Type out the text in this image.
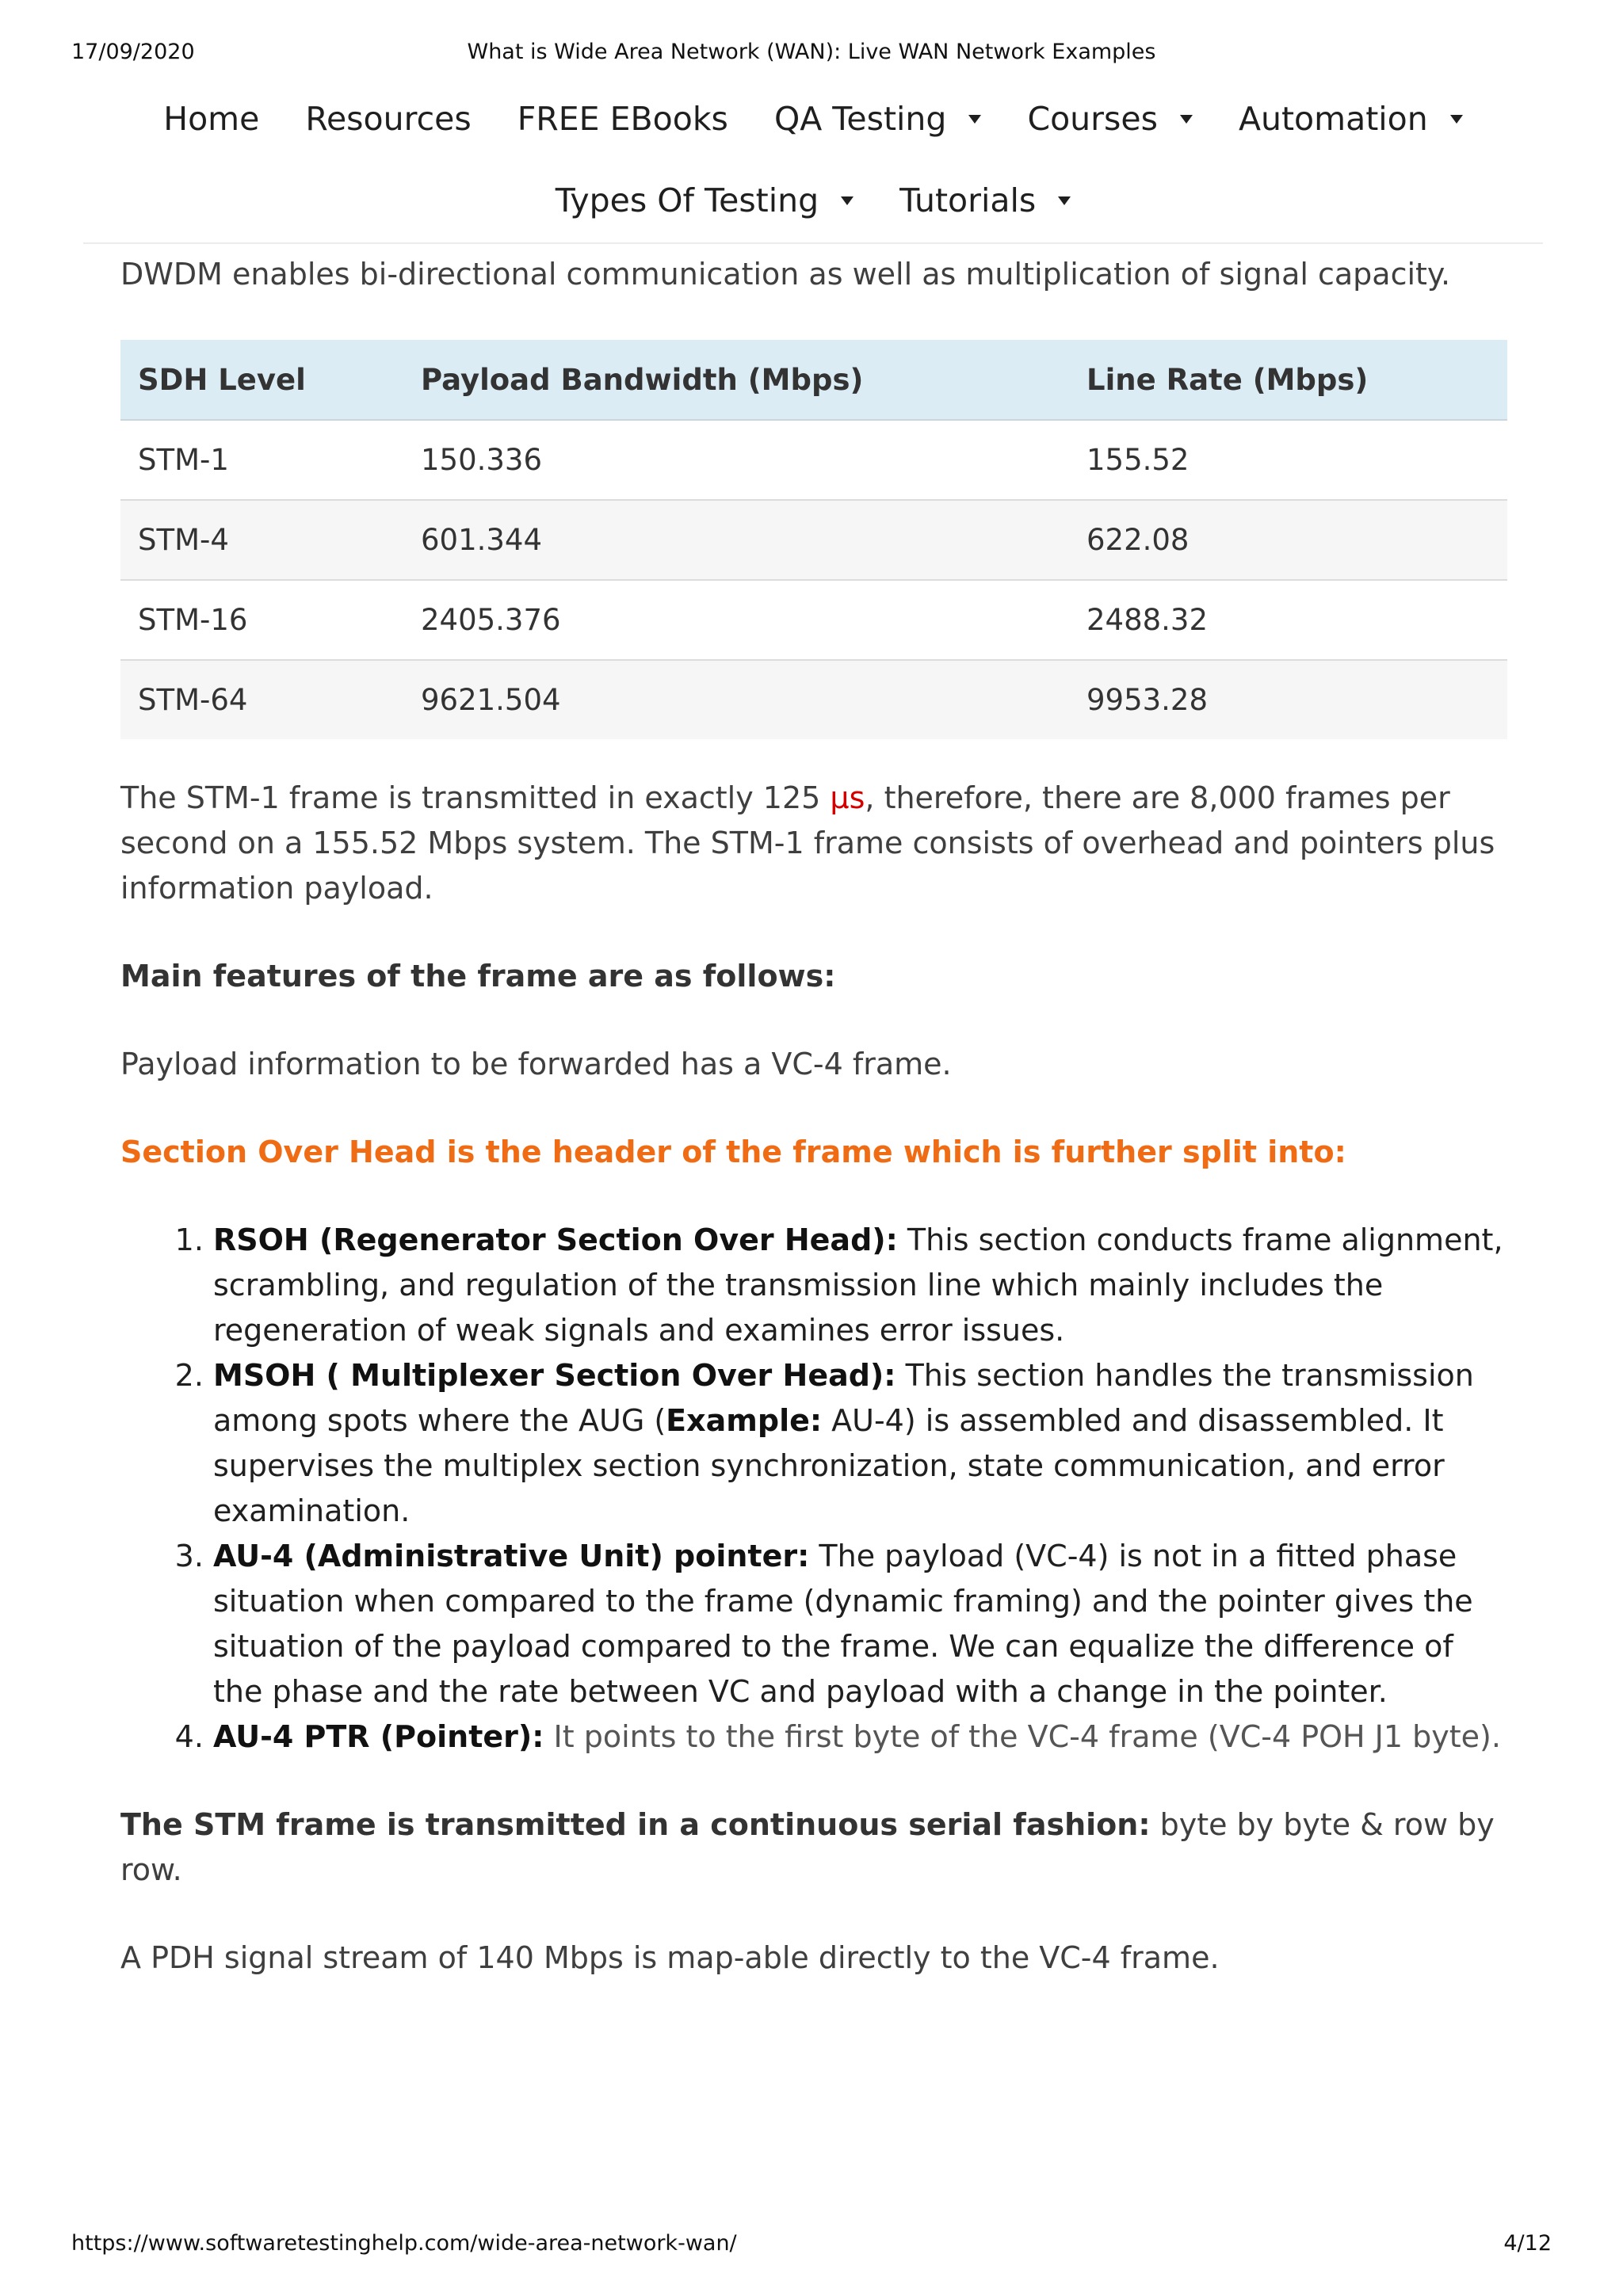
17/09/2020	What is Wide Area Network (WAN): Live WAN Network Examples
Home Resources FREE EBooks QA Testing Courses Automation
Types Of Testing Tutorials

DWDM enables bi-directional communication as well as multiplication of signal capacity.

SDH Level	Payload Bandwidth (Mbps)	Line Rate (Mbps)
STM-1	150.336	155.52
STM-4	601.344	622.08
STM-16	2405.376	2488.32
STM-64	9621.504	9953.28

The STM-1 frame is transmitted in exactly 125 μs, therefore, there are 8,000 frames per second on a 155.52 Mbps system. The STM-1 frame consists of overhead and pointers plus information payload.

Main features of the frame are as follows:

Payload information to be forwarded has a VC-4 frame.

Section Over Head is the header of the frame which is further split into:

1. RSOH (Regenerator Section Over Head): This section conducts frame alignment, scrambling, and regulation of the transmission line which mainly includes the regeneration of weak signals and examines error issues.
2. MSOH ( Multiplexer Section Over Head): This section handles the transmission among spots where the AUG (Example: AU-4) is assembled and disassembled. It supervises the multiplex section synchronization, state communication, and error examination.
3. AU-4 (Administrative Unit) pointer: The payload (VC-4) is not in a fitted phase situation when compared to the frame (dynamic framing) and the pointer gives the situation of the payload compared to the frame. We can equalize the difference of the phase and the rate between VC and payload with a change in the pointer.
4. AU-4 PTR (Pointer): It points to the first byte of the VC-4 frame (VC-4 POH J1 byte).

The STM frame is transmitted in a continuous serial fashion: byte by byte & row by row.

A PDH signal stream of 140 Mbps is map-able directly to the VC-4 frame.

https://www.softwaretestinghelp.com/wide-area-network-wan/	4/12
